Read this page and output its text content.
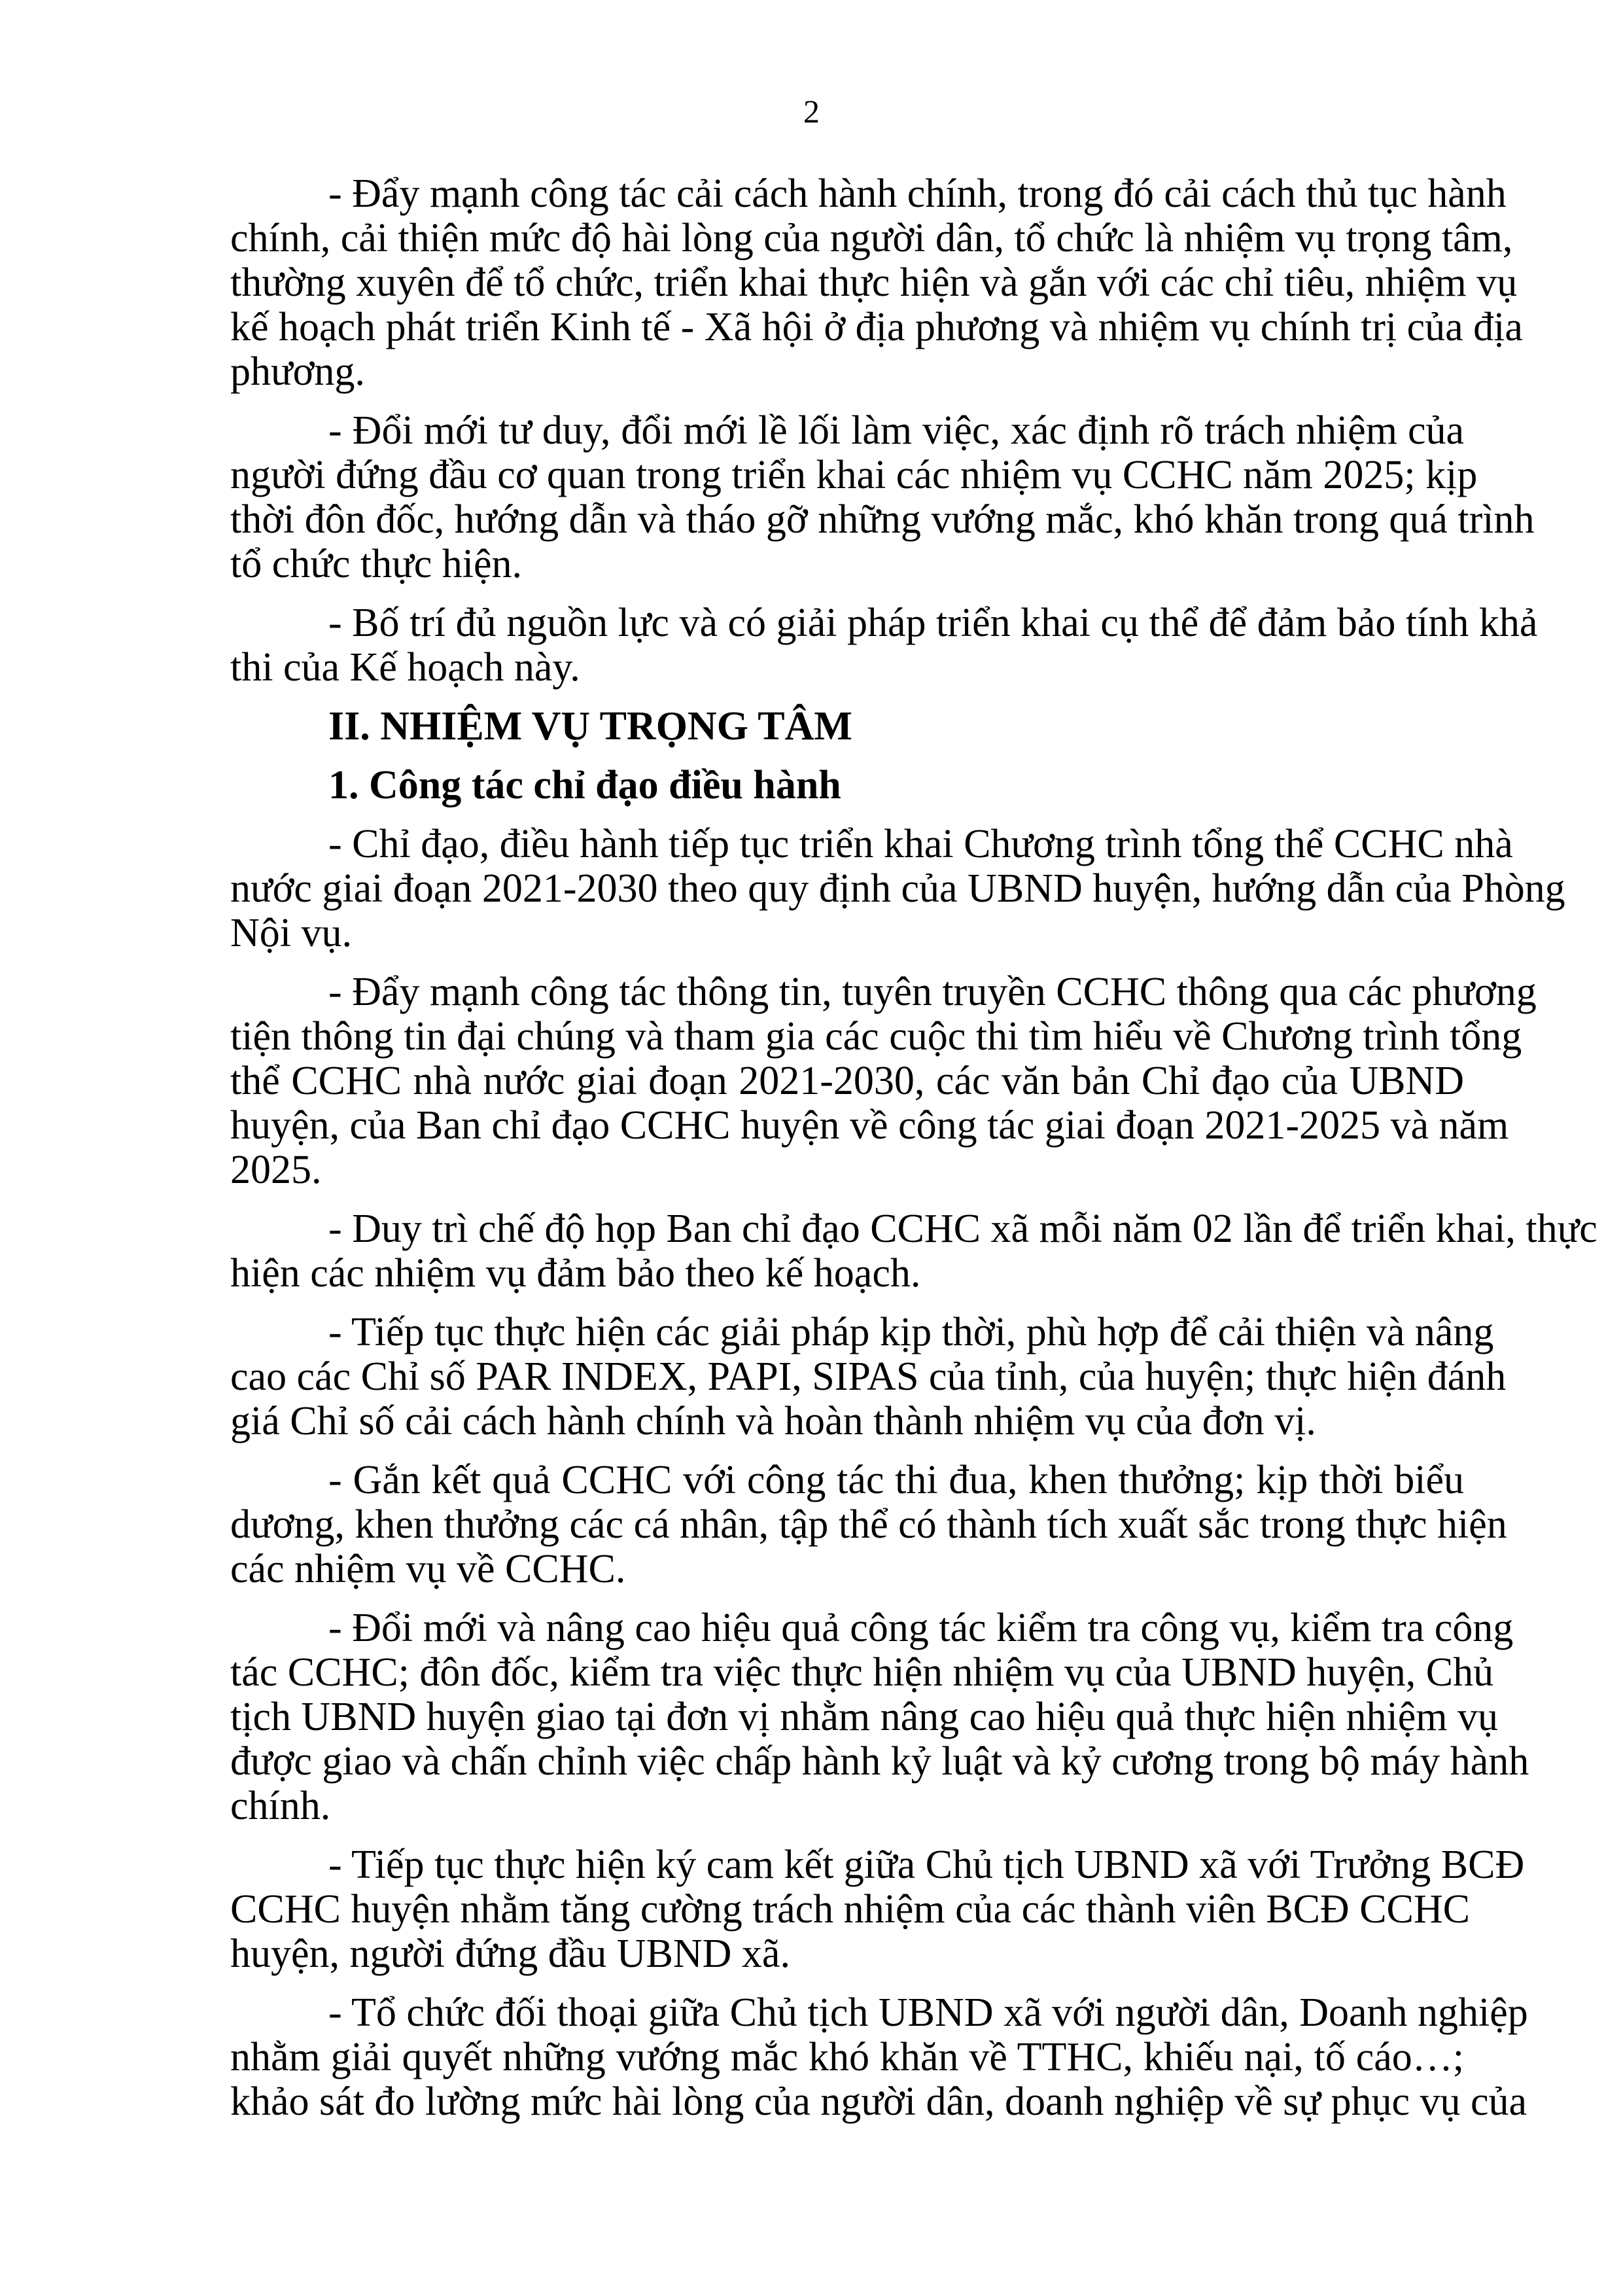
2
- Đẩy mạnh công tác cải cách hành chính, trong đó cải cách thủ tục hành
chính, cải thiện mức độ hài lòng của người dân, tổ chức là nhiệm vụ trọng tâm,
thường xuyên để tổ chức, triển khai thực hiện và gắn với các chỉ tiêu, nhiệm vụ
kế hoạch phát triển Kinh tế - Xã hội ở địa phương và nhiệm vụ chính trị của địa
phương.
- Đổi mới tư duy, đổi mới lề lối làm việc, xác định rõ trách nhiệm của
người đứng đầu cơ quan trong triển khai các nhiệm vụ CCHC năm 2025; kịp
thời đôn đốc, hướng dẫn và tháo gỡ những vướng mắc, khó khăn trong quá trình
tổ chức thực hiện.
- Bố trí đủ nguồn lực và có giải pháp triển khai cụ thể để đảm bảo tính khả
thi của Kế hoạch này.
II. NHIỆM VỤ TRỌNG TÂM
1. Công tác chỉ đạo điều hành
- Chỉ đạo, điều hành tiếp tục triển khai Chương trình tổng thể CCHC nhà
nước giai đoạn 2021-2030 theo quy định của UBND huyện, hướng dẫn của Phòng
Nội vụ.
- Đẩy mạnh công tác thông tin, tuyên truyền CCHC thông qua các phương
tiện thông tin đại chúng và tham gia các cuộc thi tìm hiểu về Chương trình tổng
thể CCHC nhà nước giai đoạn 2021-2030, các văn bản Chỉ đạo của UBND
huyện, của Ban chỉ đạo CCHC huyện về công tác giai đoạn 2021-2025 và năm
2025.
- Duy trì chế độ họp Ban chỉ đạo CCHC xã mỗi năm 02 lần để triển khai, thực
hiện các nhiệm vụ đảm bảo theo kế hoạch.
- Tiếp tục thực hiện các giải pháp kịp thời, phù hợp để cải thiện và nâng
cao các Chỉ số PAR INDEX, PAPI, SIPAS của tỉnh, của huyện; thực hiện đánh
giá Chỉ số cải cách hành chính và hoàn thành nhiệm vụ của đơn vị.
- Gắn kết quả CCHC với công tác thi đua, khen thưởng; kịp thời biểu
dương, khen thưởng các cá nhân, tập thể có thành tích xuất sắc trong thực hiện
các nhiệm vụ về CCHC.
- Đổi mới và nâng cao hiệu quả công tác kiểm tra công vụ, kiểm tra công
tác CCHC; đôn đốc, kiểm tra việc thực hiện nhiệm vụ của UBND huyện, Chủ
tịch UBND huyện giao tại đơn vị nhằm nâng cao hiệu quả thực hiện nhiệm vụ
được giao và chấn chỉnh việc chấp hành kỷ luật và kỷ cương trong bộ máy hành
chính.
- Tiếp tục thực hiện ký cam kết giữa Chủ tịch UBND xã với Trưởng BCĐ
CCHC huyện nhằm tăng cường trách nhiệm của các thành viên BCĐ CCHC
huyện, người đứng đầu UBND xã.
- Tổ chức đối thoại giữa Chủ tịch UBND xã với người dân, Doanh nghiệp
nhằm giải quyết những vướng mắc khó khăn về TTHC, khiếu nại, tố cáo…;
khảo sát đo lường mức hài lòng của người dân, doanh nghiệp về sự phục vụ của
